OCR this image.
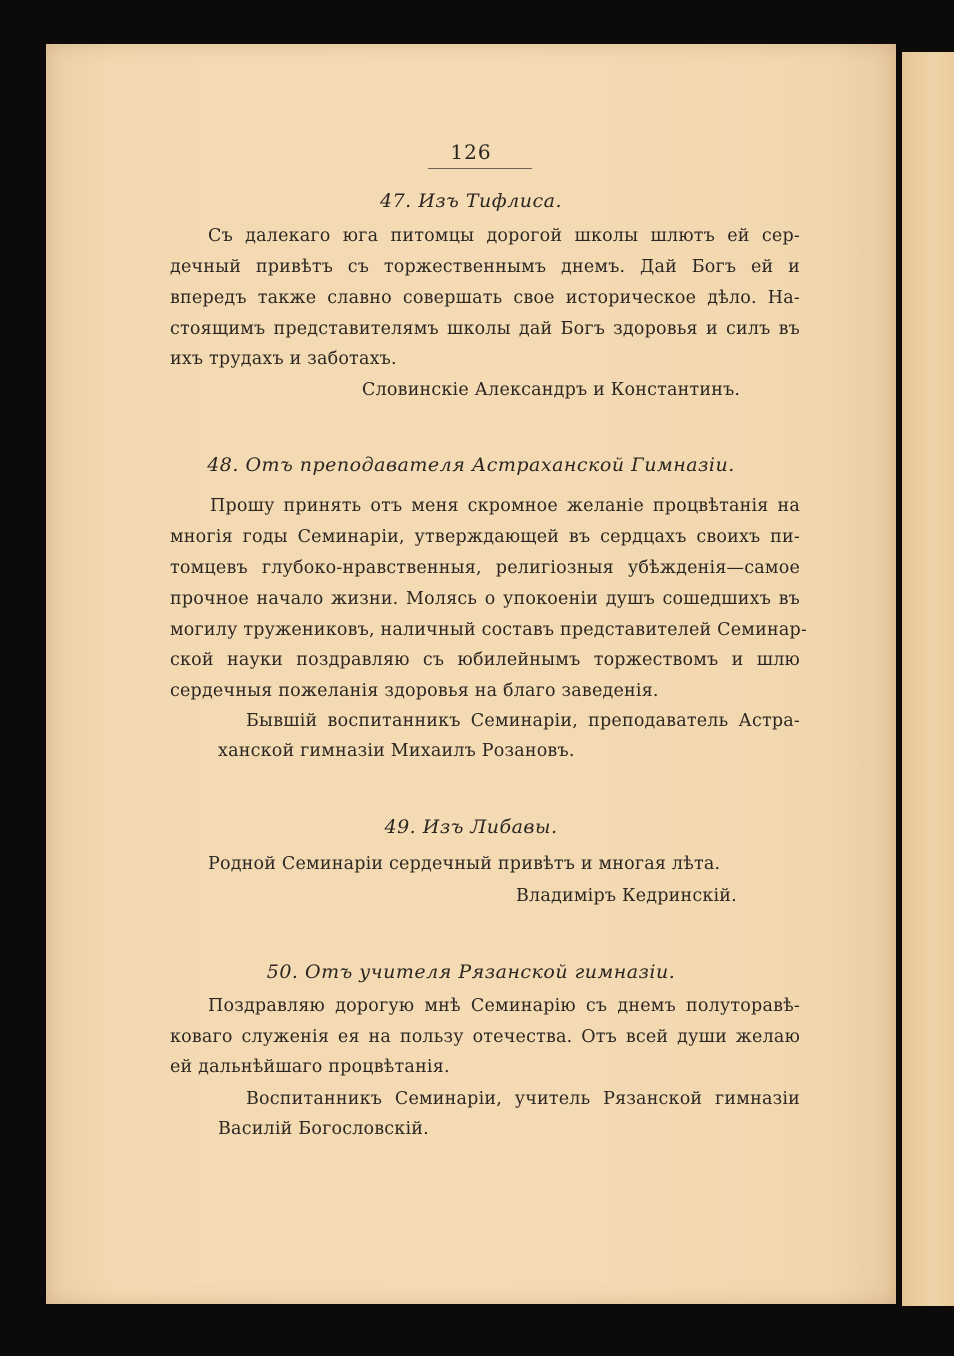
126
47. Изъ Тифлиса.
Съ далекаго юга питомцы дорогой школы шлютъ ей сер-
дечный привѣтъ съ торжественнымъ днемъ. Дай Богъ ей и
впередъ также славно совершать свое историческое дѣло. На-
стоящимъ представителямъ школы дай Богъ здоровья и силъ въ
ихъ трудахъ и заботахъ.
Словинскіе Александръ и Константинъ.
48. Отъ преподавателя Астраханской Гимназіи.
Прошу принять отъ меня скромное желаніе процвѣтанія на
многія годы Семинаріи, утверждающей въ сердцахъ своихъ пи-
томцевъ глубоко-нравственныя, религіозныя убѣжденія—самое
прочное начало жизни. Молясь о упокоеніи душъ сошедшихъ въ
могилу тружениковъ, наличный составъ представителей Семинар-
ской науки поздравляю съ юбилейнымъ торжествомъ и шлю
сердечныя пожеланія здоровья на благо заведенія.
Бывшій воспитанникъ Семинаріи, преподаватель Астра-
ханской гимназіи Михаилъ Розановъ.
49. Изъ Либавы.
Родной Семинаріи сердечный привѣтъ и многая лѣта.
Владиміръ Кедринскій.
50. Отъ учителя Рязанской гимназіи.
Поздравляю дорогую мнѣ Семинарію съ днемъ полуторавѣ-
коваго служенія ея на пользу отечества. Отъ всей души желаю
ей дальнѣйшаго процвѣтанія.
Воспитанникъ Семинаріи, учитель Рязанской гимназіи
Василій Богословскій.
